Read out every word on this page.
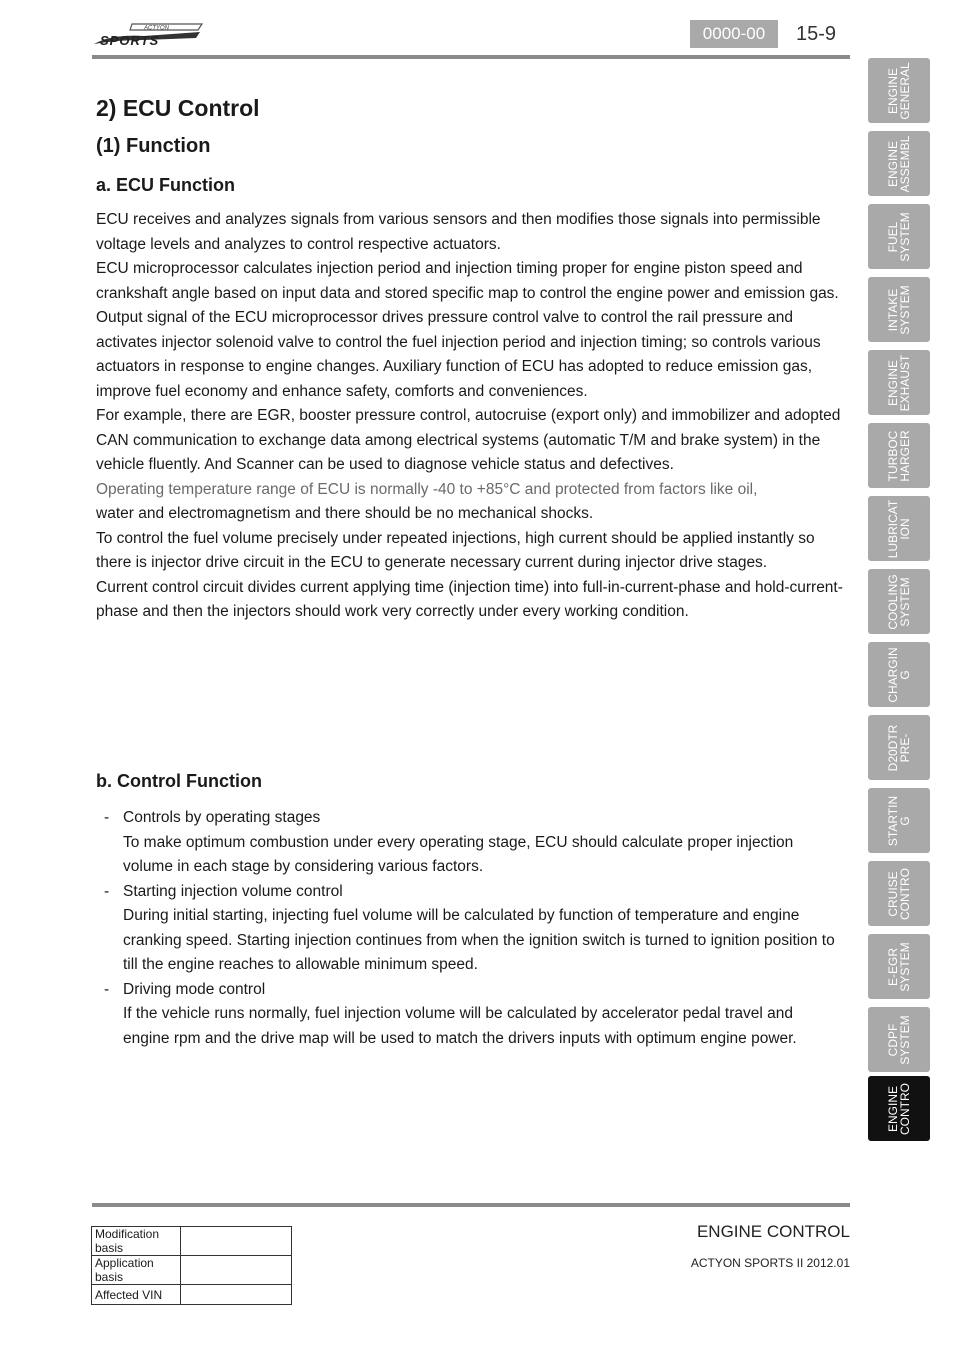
ACTYON
SPORTS	0000-00	15-9
2) ECU Control
(1) Function
a. ECU Function

ECU receives and analyzes signals from various sensors and then modifies those signals into permissible voltage levels and analyzes to control respective actuators.

ECU microprocessor calculates injection period and injection timing proper for engine piston speed and crankshaft angle based on input data and stored specific map to control the engine power and emission gas.

Output signal of the ECU microprocessor drives pressure control valve to control the rail pressure and activates injector solenoid valve to control the fuel injection period and injection timing; so controls various actuators in response to engine changes. Auxiliary function of ECU has adopted to reduce emission gas, improve fuel economy and enhance safety, comforts and conveniences.

For example, there are EGR, booster pressure control, autocruise (export only) and immobilizer and adopted CAN communication to exchange data among electrical systems (automatic T/M and brake system) in the vehicle fluently. And Scanner can be used to diagnose vehicle status and defectives.

Operating temperature range of ECU is normally -40 to +85°C and protected from factors like oil,

water and electromagnetism and there should be no mechanical shocks.

To control the fuel volume precisely under repeated injections, high current should be applied instantly so there is injector drive circuit in the ECU to generate necessary current during injector drive stages.

Current control circuit divides current applying time (injection time) into full-in-current-phase and hold-current-phase and then the injectors should work very correctly under every working condition.

b. Control Function
- Controls by operating stages
To make optimum combustion under every operating stage, ECU should calculate proper injection volume in each stage by considering various factors.
- Starting injection volume control
During initial starting, injecting fuel volume will be calculated by function of temperature and engine cranking speed. Starting injection continues from when the ignition switch is turned to ignition position to till the engine reaches to allowable minimum speed.
- Driving mode control
If the vehicle runs normally, fuel injection volume will be calculated by accelerator pedal travel and engine rpm and the drive map will be used to match the drivers inputs with optimum engine power.
ENGINE
GENERAL
ENGINE
ASSEMBL
FUEL
SYSTEM
INTAKE
SYSTEM
ENGINE
EXHAUST
TURBOC
HARGER
LUBRICAT
ION
COOLING
SYSTEM
CHARGIN
G
D20DTR
PRE-
STARTIN
G
CRUISE
CONTRO
E-EGR
SYSTEM
CDPF
SYSTEM
ENGINE
CONTRO
ENGINE CONTROL
ACTYON SPORTS II 2012.01
Modification basis	
Application basis	
Affected VIN	
